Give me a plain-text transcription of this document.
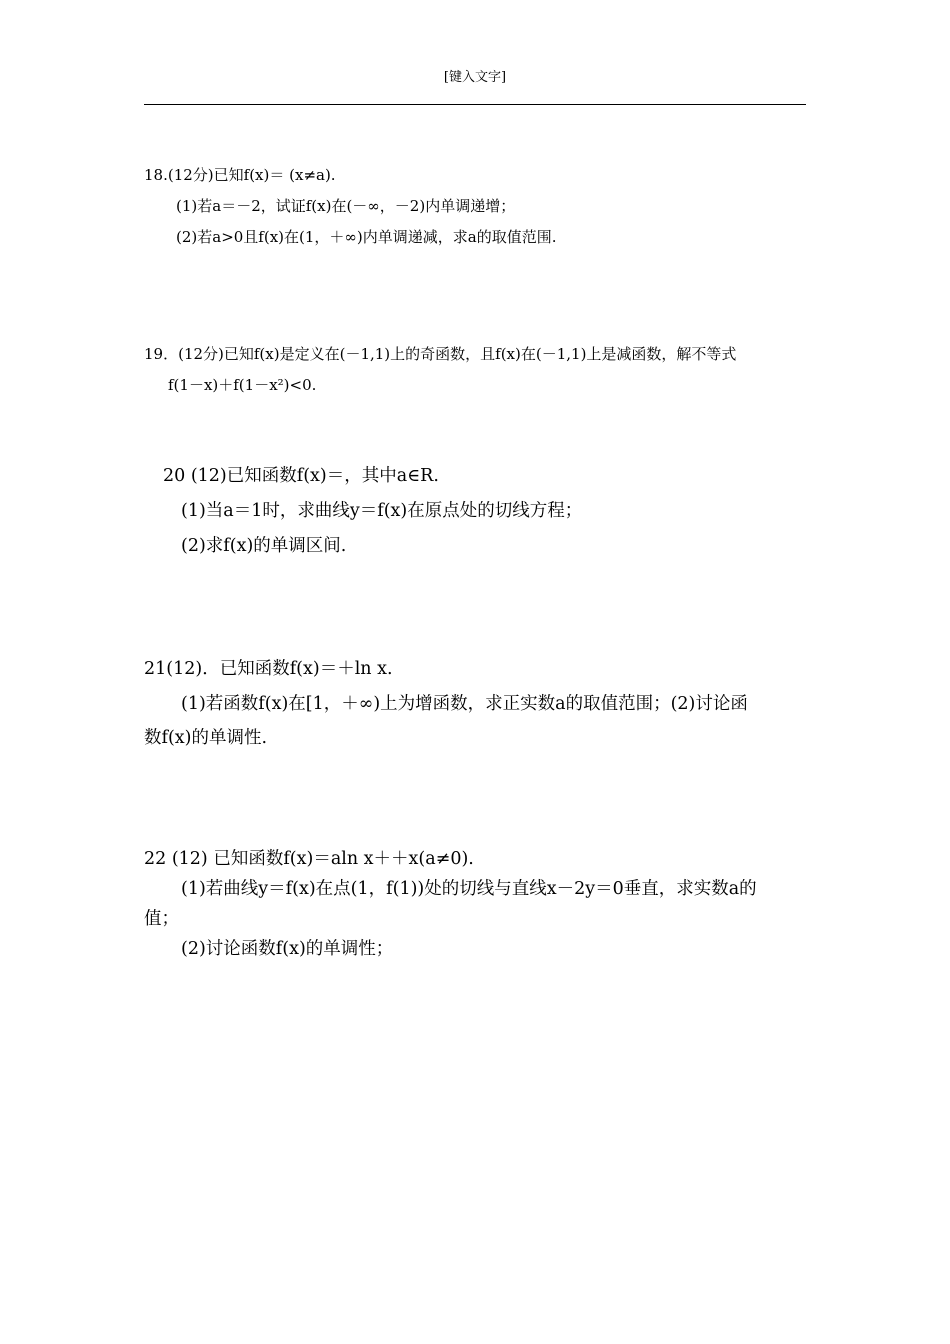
[键入文字]
18.(12分)已知f(x)＝ (x≠a).
(1)若a＝－2，试证f(x)在(－∞，－2)内单调递增；
(2)若a>0且f(x)在(1，＋∞)内单调递减，求a的取值范围.
19．(12分)已知f(x)是定义在(－1,1)上的奇函数，且f(x)在(－1,1)上是减函数，解不等式
f(1－x)＋f(1－x²)<0.
20 (12)已知函数f(x)＝，其中a∈R.
(1)当a＝1时，求曲线y＝f(x)在原点处的切线方程；
(2)求f(x)的单调区间.
21(12)．已知函数f(x)＝＋ln x.
(1)若函数f(x)在[1，＋∞)上为增函数，求正实数a的取值范围；(2)讨论函
数f(x)的单调性.
22 (12) 已知函数f(x)＝aln x＋＋x(a≠0).
(1)若曲线y＝f(x)在点(1，f(1))处的切线与直线x－2y＝0垂直，求实数a的
值；
(2)讨论函数f(x)的单调性；
